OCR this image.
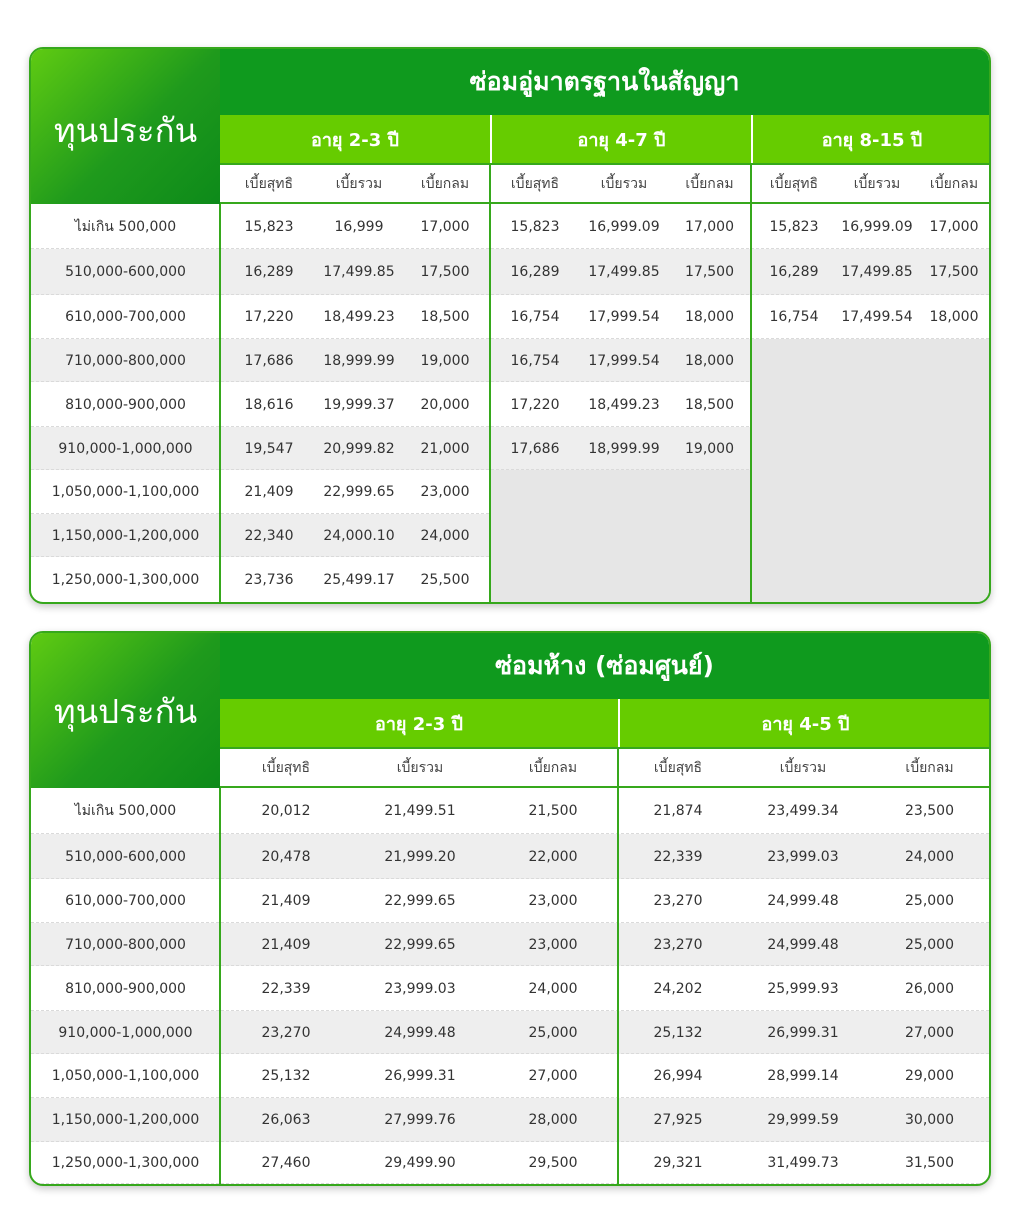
ทุนประกัน
ซ่อมอู่มาตรฐานในสัญญา
อายุ 2-3 ปี
เบี้ยสุทธิ	เบี้ยรวม	เบี้ยกลม
อายุ 4-7 ปี
เบี้ยสุทธิ	เบี้ยรวม	เบี้ยกลม
อายุ 8-15 ปี
เบี้ยสุทธิ	เบี้ยรวม	เบี้ยกลม
ไม่เกิน 500,000	15,823	16,999	17,000	15,823	16,999.09	17,000	15,823	16,999.09	17,000
510,000-600,000	16,289	17,499.85	17,500	16,289	17,499.85	17,500	16,289	17,499.85	17,500
610,000-700,000	17,220	18,499.23	18,500	16,754	17,999.54	18,000	16,754	17,499.54	18,000
710,000-800,000	17,686	18,999.99	19,000	16,754	17,999.54	18,000
810,000-900,000	18,616	19,999.37	20,000	17,220	18,499.23	18,500
910,000-1,000,000	19,547	20,999.82	21,000	17,686	18,999.99	19,000
1,050,000-1,100,000	21,409	22,999.65	23,000
1,150,000-1,200,000	22,340	24,000.10	24,000
1,250,000-1,300,000	23,736	25,499.17	25,500
ทุนประกัน
ซ่อมห้าง (ซ่อมศูนย์)
อายุ 2-3 ปี
เบี้ยสุทธิ	เบี้ยรวม	เบี้ยกลม
อายุ 4-5 ปี
เบี้ยสุทธิ	เบี้ยรวม	เบี้ยกลม
ไม่เกิน 500,000	20,012	21,499.51	21,500	21,874	23,499.34	23,500
510,000-600,000	20,478	21,999.20	22,000	22,339	23,999.03	24,000
610,000-700,000	21,409	22,999.65	23,000	23,270	24,999.48	25,000
710,000-800,000	21,409	22,999.65	23,000	23,270	24,999.48	25,000
810,000-900,000	22,339	23,999.03	24,000	24,202	25,999.93	26,000
910,000-1,000,000	23,270	24,999.48	25,000	25,132	26,999.31	27,000
1,050,000-1,100,000	25,132	26,999.31	27,000	26,994	28,999.14	29,000
1,150,000-1,200,000	26,063	27,999.76	28,000	27,925	29,999.59	30,000
1,250,000-1,300,000	27,460	29,499.90	29,500	29,321	31,499.73	31,500
